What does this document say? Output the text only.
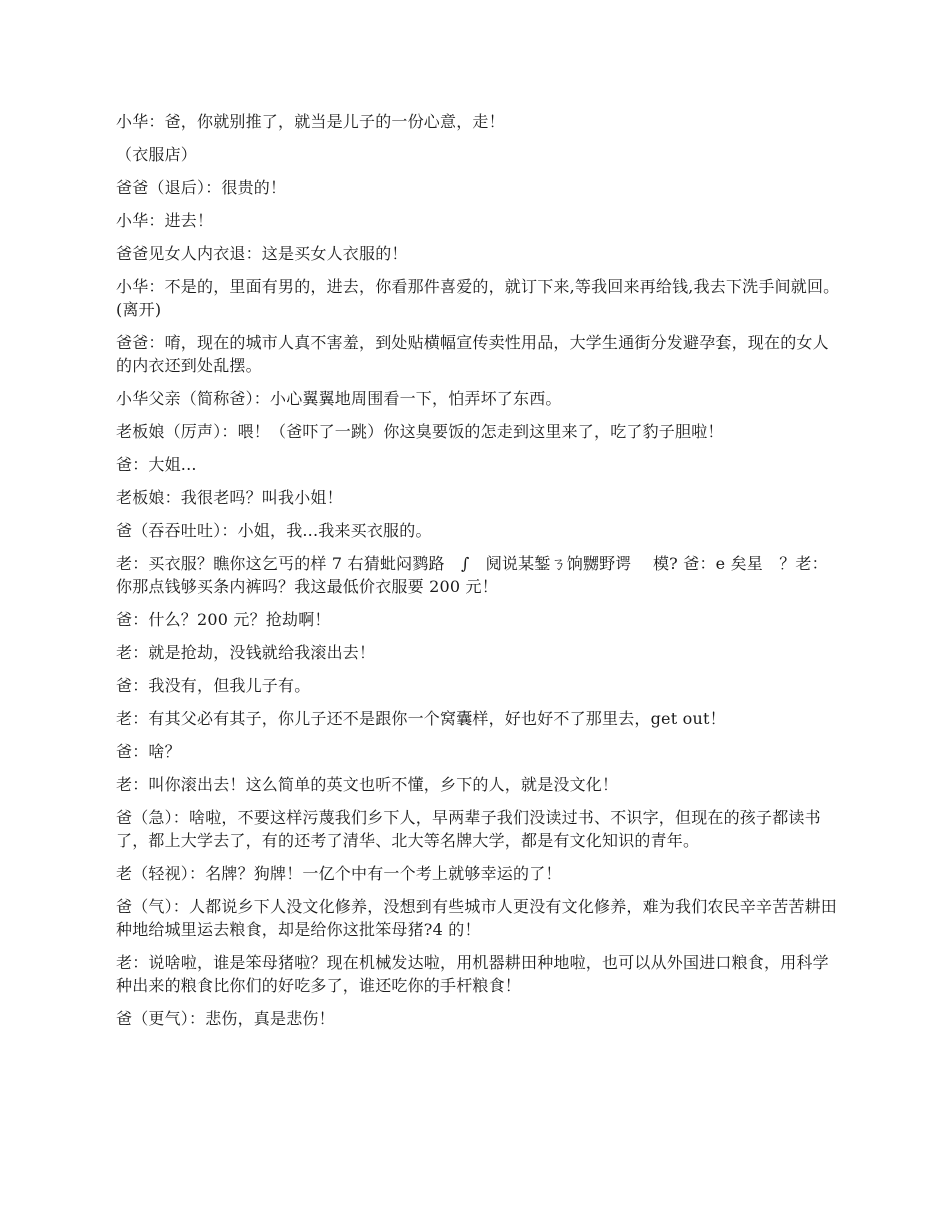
小华：爸，你就别推了，就当是儿子的一份心意，走！

（衣服店）

爸爸（退后）：很贵的！

小华：进去！

爸爸见女人内衣退：这是买女人衣服的！

小华：不是的，里面有男的，进去，你看那件喜爱的，就订下来,等我回来再给钱,我去下洗手间就回。(离开)

爸爸：唷，现在的城市人真不害羞，到处贴横幅宣传卖性用品，大学生通街分发避孕套，现在的女人的内衣还到处乱摆。

小华父亲（简称爸）：小心翼翼地周围看一下，怕弄坏了东西。

老板娘（厉声）：喂！（爸吓了一跳）你这臭要饭的怎走到这里来了，吃了豹子胆啦！

爸：大姐...

老板娘：我很老吗？叫我小姐！

爸（吞吞吐吐）：小姐，我...我来买衣服的。

老：买衣服？瞧你这乞丐的样 7 右猜蚍闷鹨路　∫　阋说某錾ㄋ饷嬲野谔　 模? 爸：e 矣星　？老：你那点钱够买条内裤吗？我这最低价衣服要 200 元！

爸：什么？200 元？抢劫啊！

老：就是抢劫，没钱就给我滚出去！

爸：我没有，但我儿子有。

老：有其父必有其子，你儿子还不是跟你一个窝囊样，好也好不了那里去，get out！

爸：啥？

老：叫你滚出去！这么简单的英文也听不懂，乡下的人，就是没文化！

爸（急）：啥啦，不要这样污蔑我们乡下人，早两辈子我们没读过书、不识字，但现在的孩子都读书了，都上大学去了，有的还考了清华、北大等名牌大学，都是有文化知识的青年。

老（轻视）：名牌？狗牌！一亿个中有一个考上就够幸运的了！

爸（气）：人都说乡下人没文化修养，没想到有些城市人更没有文化修养，难为我们农民辛辛苦苦耕田种地给城里运去粮食，却是给你这批笨母猪?4 的！

老：说啥啦，谁是笨母猪啦？现在机械发达啦，用机器耕田种地啦，也可以从外国进口粮食，用科学种出来的粮食比你们的好吃多了，谁还吃你的手杆粮食！

爸（更气）：悲伤，真是悲伤！
